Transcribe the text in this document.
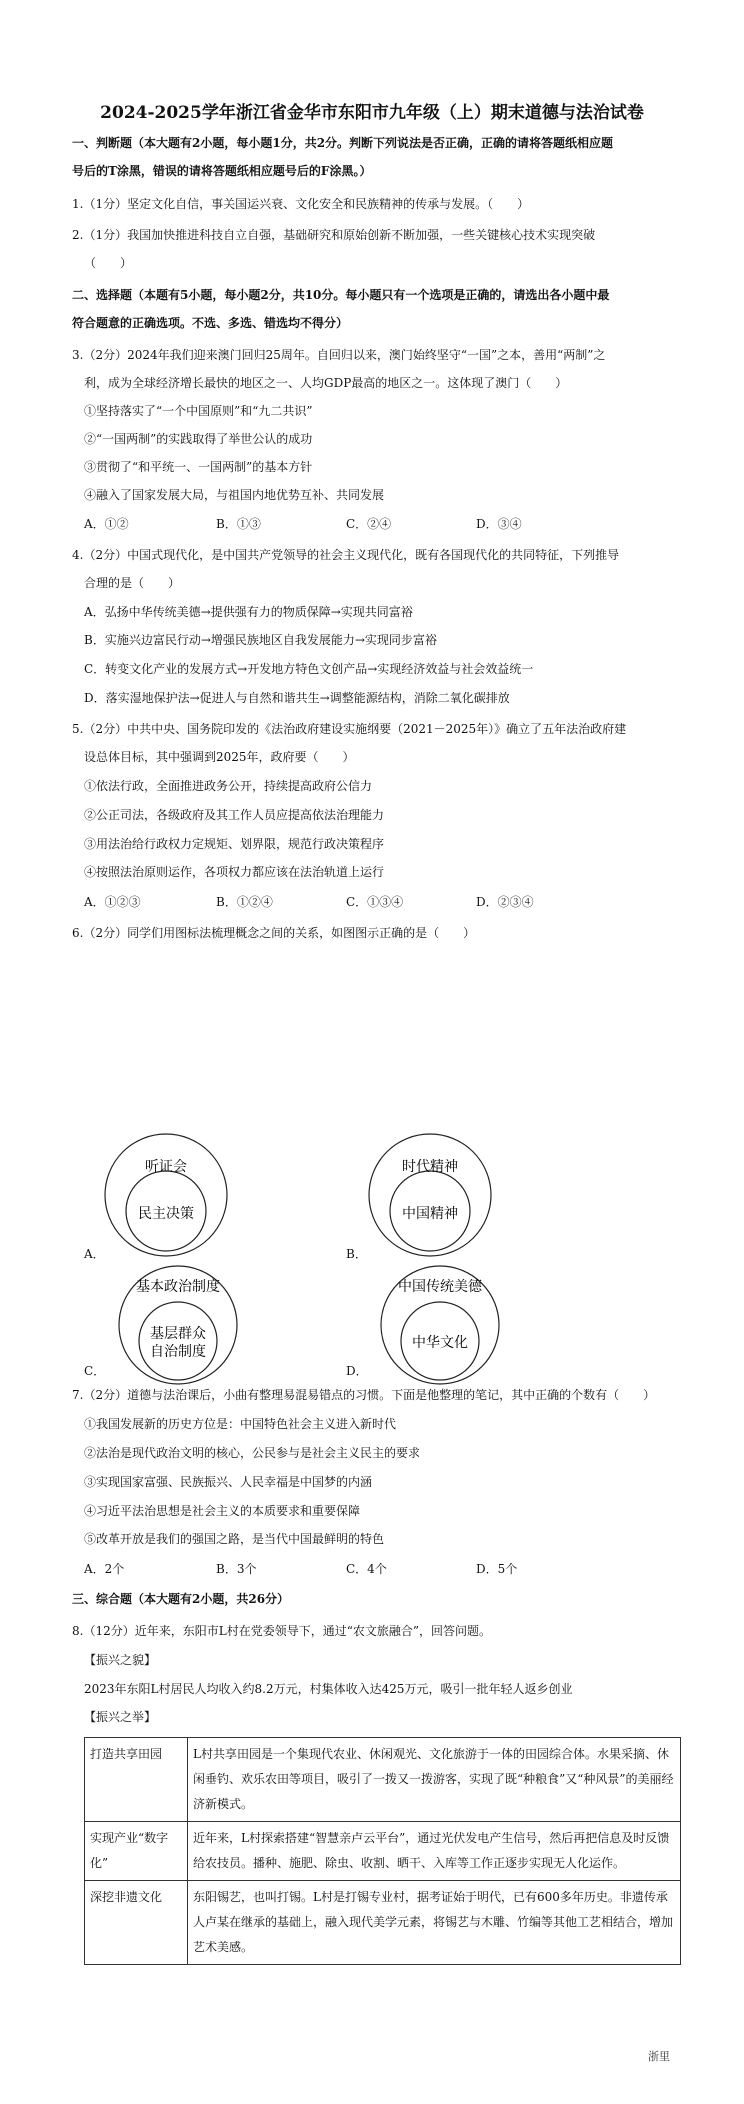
2024-2025学年浙江省金华市东阳市九年级（上）期末道德与法治试卷
一、判断题（本大题有2小题，每小题1分，共2分。判断下列说法是否正确，正确的请将答题纸相应题
号后的T涂黑，错误的请将答题纸相应题号后的F涂黑。）
1.（1分）坚定文化自信，事关国运兴衰、文化安全和民族精神的传承与发展。（　　）
2.（1分）我国加快推进科技自立自强，基础研究和原始创新不断加强，一些关键核心技术实现突破
（　　）
二、选择题（本题有5小题，每小题2分，共10分。每小题只有一个选项是正确的，请选出各小题中最
符合题意的正确选项。不选、多选、错选均不得分）
3.（2分）2024年我们迎来澳门回归25周年。自回归以来，澳门始终坚守“一国”之本，善用“两制”之
利，成为全球经济增长最快的地区之一、人均GDP最高的地区之一。这体现了澳门（　　）
①坚持落实了“一个中国原则”和“九二共识”
②“一国两制”的实践取得了举世公认的成功
③贯彻了“和平统一、一国两制”的基本方针
④融入了国家发展大局，与祖国内地优势互补、共同发展
A．①②	B．①③	C．②④	D．③④
4.（2分）中国式现代化，是中国共产党领导的社会主义现代化，既有各国现代化的共同特征，下列推导
合理的是（　　）
A．弘扬中华传统美德→提供强有力的物质保障→实现共同富裕
B．实施兴边富民行动→增强民族地区自我发展能力→实现同步富裕
C．转变文化产业的发展方式→开发地方特色文创产品→实现经济效益与社会效益统一
D．落实湿地保护法→促进人与自然和谐共生→调整能源结构，消除二氧化碳排放
5.（2分）中共中央、国务院印发的《法治政府建设实施纲要（2021－2025年）》确立了五年法治政府建
设总体目标，其中强调到2025年，政府要（　　）
①依法行政，全面推进政务公开，持续提高政府公信力
②公正司法，各级政府及其工作人员应提高依法治理能力
③用法治给行政权力定规矩、划界限，规范行政决策程序
④按照法治原则运作，各项权力都应该在法治轨道上运行
A．①②③	B．①②④	C．①③④	D．②③④
6.（2分）同学们用图标法梳理概念之间的关系，如图图示正确的是（　　）
听证会
民主决策
A．
时代精神
中国精神
B．
基本政治制度
基层群众
自治制度
C．
中国传统美德
中华文化
D．
7.（2分）道德与法治课后，小曲有整理易混易错点的习惯。下面是他整理的笔记，其中正确的个数有（　　）
①我国发展新的历史方位是：中国特色社会主义进入新时代
②法治是现代政治文明的核心，公民参与是社会主义民主的要求
③实现国家富强、民族振兴、人民幸福是中国梦的内涵
④习近平法治思想是社会主义的本质要求和重要保障
⑤改革开放是我们的强国之路，是当代中国最鲜明的特色
A．2个	B．3个	C．4个	D．5个
三、综合题（本大题有2小题，共26分）
8.（12分）近年来，东阳市L村在党委领导下，通过“农文旅融合”，回答问题。
【振兴之貌】
2023年东阳L村居民人均收入约8.2万元，村集体收入达425万元，吸引一批年轻人返乡创业
【振兴之举】
打造共享田园	L村共享田园是一个集现代农业、休闲观光、文化旅游于一体的田园综合体。水果采摘、休闲垂钓、欢乐农田等项目，吸引了一拨又一拨游客，实现了既“种粮食”又“种风景”的美丽经济新模式。
实现产业“数字化”	近年来，L村探索搭建“智慧亲卢云平台”，通过光伏发电产生信号，然后再把信息及时反馈给农技员。播种、施肥、除虫、收割、晒干、入库等工作正逐步实现无人化运作。
深挖非遗文化	东阳锡艺，也叫打锡。L村是打锡专业村，据考证始于明代，已有600多年历史。非遗传承人卢某在继承的基础上，融入现代美学元素，将锡艺与木雕、竹编等其他工艺相结合，增加艺术美感。
浙里
